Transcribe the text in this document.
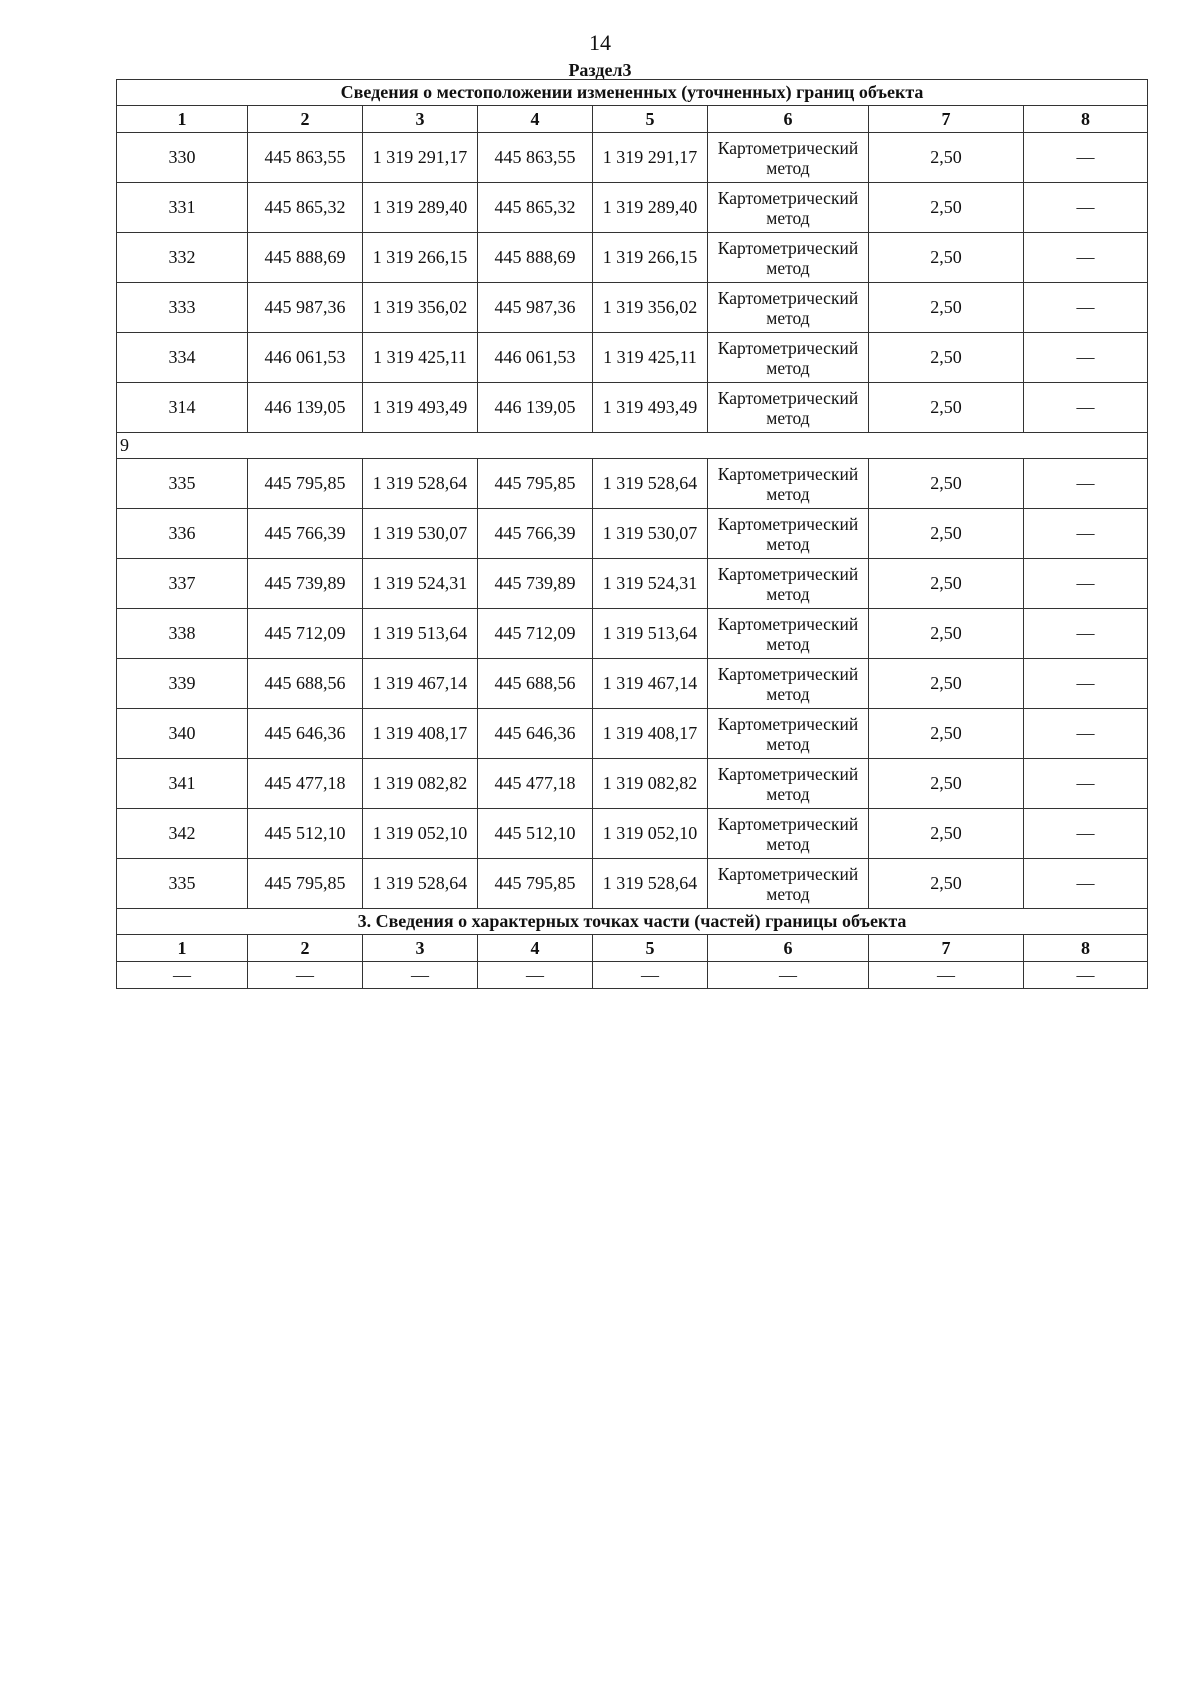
14
Раздел3
Сведения о местоположении измененных (уточненных) границ объекта							
1	2	3	4	5	6	7	8
330	445 863,55	1 319 291,17	445 863,55	1 319 291,17	Картометрический метод	2,50	—
331	445 865,32	1 319 289,40	445 865,32	1 319 289,40	Картометрический метод	2,50	—
332	445 888,69	1 319 266,15	445 888,69	1 319 266,15	Картометрический метод	2,50	—
333	445 987,36	1 319 356,02	445 987,36	1 319 356,02	Картометрический метод	2,50	—
334	446 061,53	1 319 425,11	446 061,53	1 319 425,11	Картометрический метод	2,50	—
314	446 139,05	1 319 493,49	446 139,05	1 319 493,49	Картометрический метод	2,50	—
9							
335	445 795,85	1 319 528,64	445 795,85	1 319 528,64	Картометрический метод	2,50	—
336	445 766,39	1 319 530,07	445 766,39	1 319 530,07	Картометрический метод	2,50	—
337	445 739,89	1 319 524,31	445 739,89	1 319 524,31	Картометрический метод	2,50	—
338	445 712,09	1 319 513,64	445 712,09	1 319 513,64	Картометрический метод	2,50	—
339	445 688,56	1 319 467,14	445 688,56	1 319 467,14	Картометрический метод	2,50	—
340	445 646,36	1 319 408,17	445 646,36	1 319 408,17	Картометрический метод	2,50	—
341	445 477,18	1 319 082,82	445 477,18	1 319 082,82	Картометрический метод	2,50	—
342	445 512,10	1 319 052,10	445 512,10	1 319 052,10	Картометрический метод	2,50	—
335	445 795,85	1 319 528,64	445 795,85	1 319 528,64	Картометрический метод	2,50	—
3. Сведения о характерных точках части (частей) границы объекта							
1	2	3	4	5	6	7	8
—	—	—	—	—	—	—	—
